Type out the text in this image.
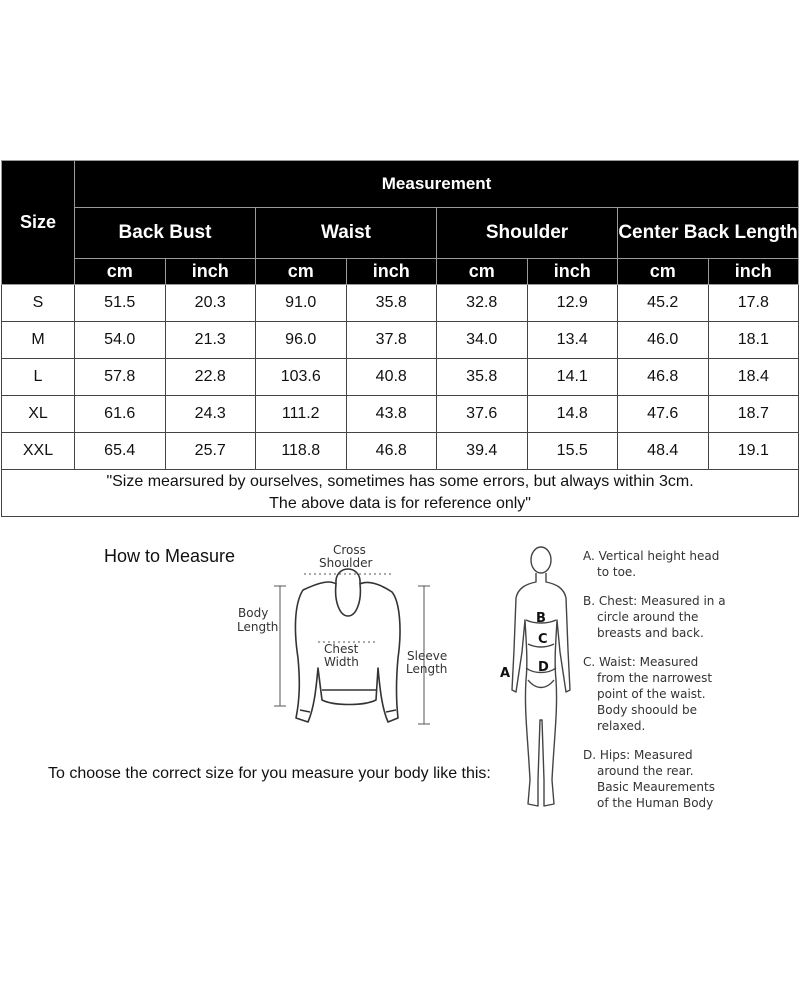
Size	Measurement							
	Back Bust		Waist		Shoulder		Center Back Length	
	cm	inch	cm	inch	cm	inch	cm	inch
S	51.5	20.3	91.0	35.8	32.8	12.9	45.2	17.8
M	54.0	21.3	96.0	37.8	34.0	13.4	46.0	18.1
L	57.8	22.8	103.6	40.8	35.8	14.1	46.8	18.4
XL	61.6	24.3	111.2	43.8	37.6	14.8	47.6	18.7
XXL	65.4	25.7	118.8	46.8	39.4	15.5	48.4	19.1

"Size mearsured by ourselves, sometimes has some errors, but always within 3cm.
The above data is for reference only"								
How to Measure	Cross
Shoulder
Body
Length
Chest
Width	Sleeve
Length
To choose the correct size for you measure your body like this:
B
C
D
A
A. Vertical height head
to toe.
B. Chest: Measured in a
circle around the
breasts and back.
C. Waist: Measured
from the narrowest
point of the waist.
Body shoould be
relaxed.
D. Hips: Measured
around the rear.
Basic Meaurements
of the Human Body
